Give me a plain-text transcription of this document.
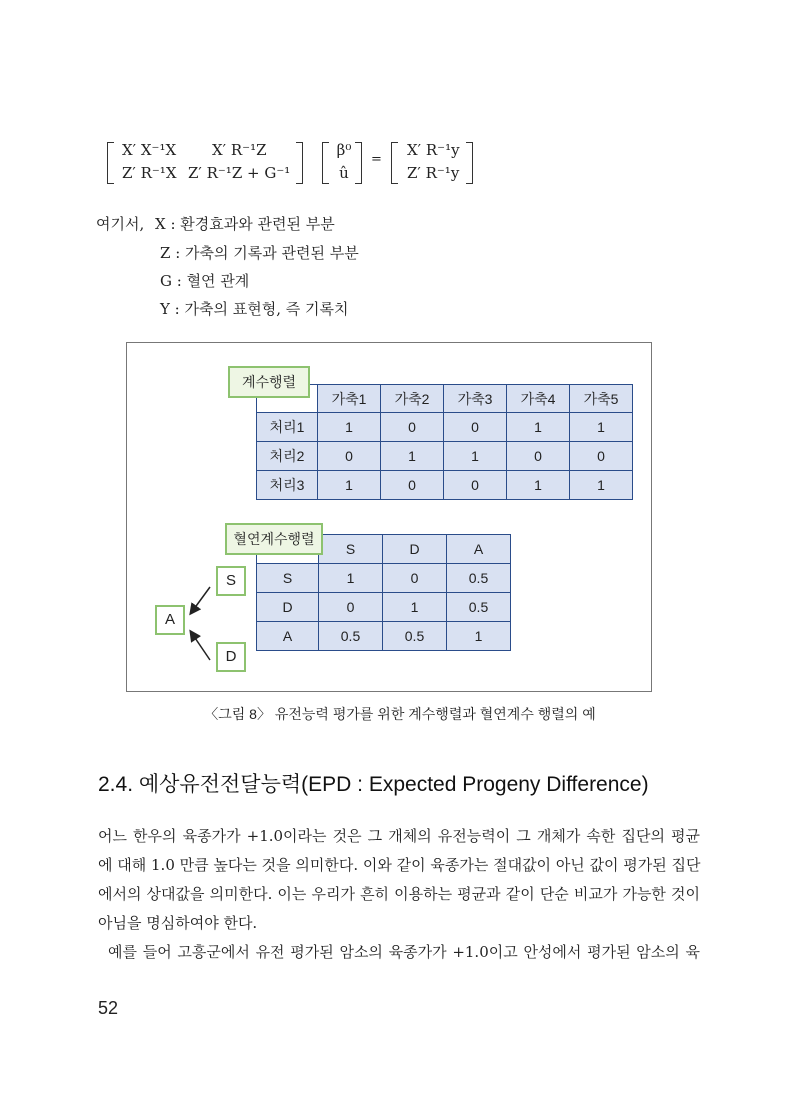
X′ X⁻¹X X′ R⁻¹Z
Z′ R⁻¹X Z′ R⁻¹Z + G⁻¹
β⁰
û
=
X′ R⁻¹y
Z′ R⁻¹y
여기서, X : 환경효과와 관련된 부분
Z : 가축의 기록과 관련된 부분
G : 혈연 관계
Y : 가축의 표현형, 즉 기록치
	가축1	가축2	가축3	가축4	가축5
처리1	1	0	0	1	1
처리2	0	1	1	0	0
처리3	1	0	0	1	1
계수행렬
	S	D	A
S	1	0	0.5
D	0	1	0.5
A	0.5	0.5	1
혈연계수행렬
S
A
D
〈그림 8〉 유전능력 평가를 위한 계수행렬과 혈연계수 행렬의 예
2.4. 예상유전전달능력(EPD : Expected Progeny Difference)
어느 한우의 육종가가 +1.0이라는 것은 그 개체의 유전능력이 그 개체가 속한 집단의 평균
에 대해 1.0 만큼 높다는 것을 의미한다. 이와 같이 육종가는 절대값이 아닌 값이 평가된 집단
에서의 상대값을 의미한다. 이는 우리가 흔히 이용하는 평균과 같이 단순 비교가 가능한 것이
아님을 명심하여야 한다.
예를 들어 고흥군에서 유전 평가된 암소의 육종가가 +1.0이고 안성에서 평가된 암소의 육
52
